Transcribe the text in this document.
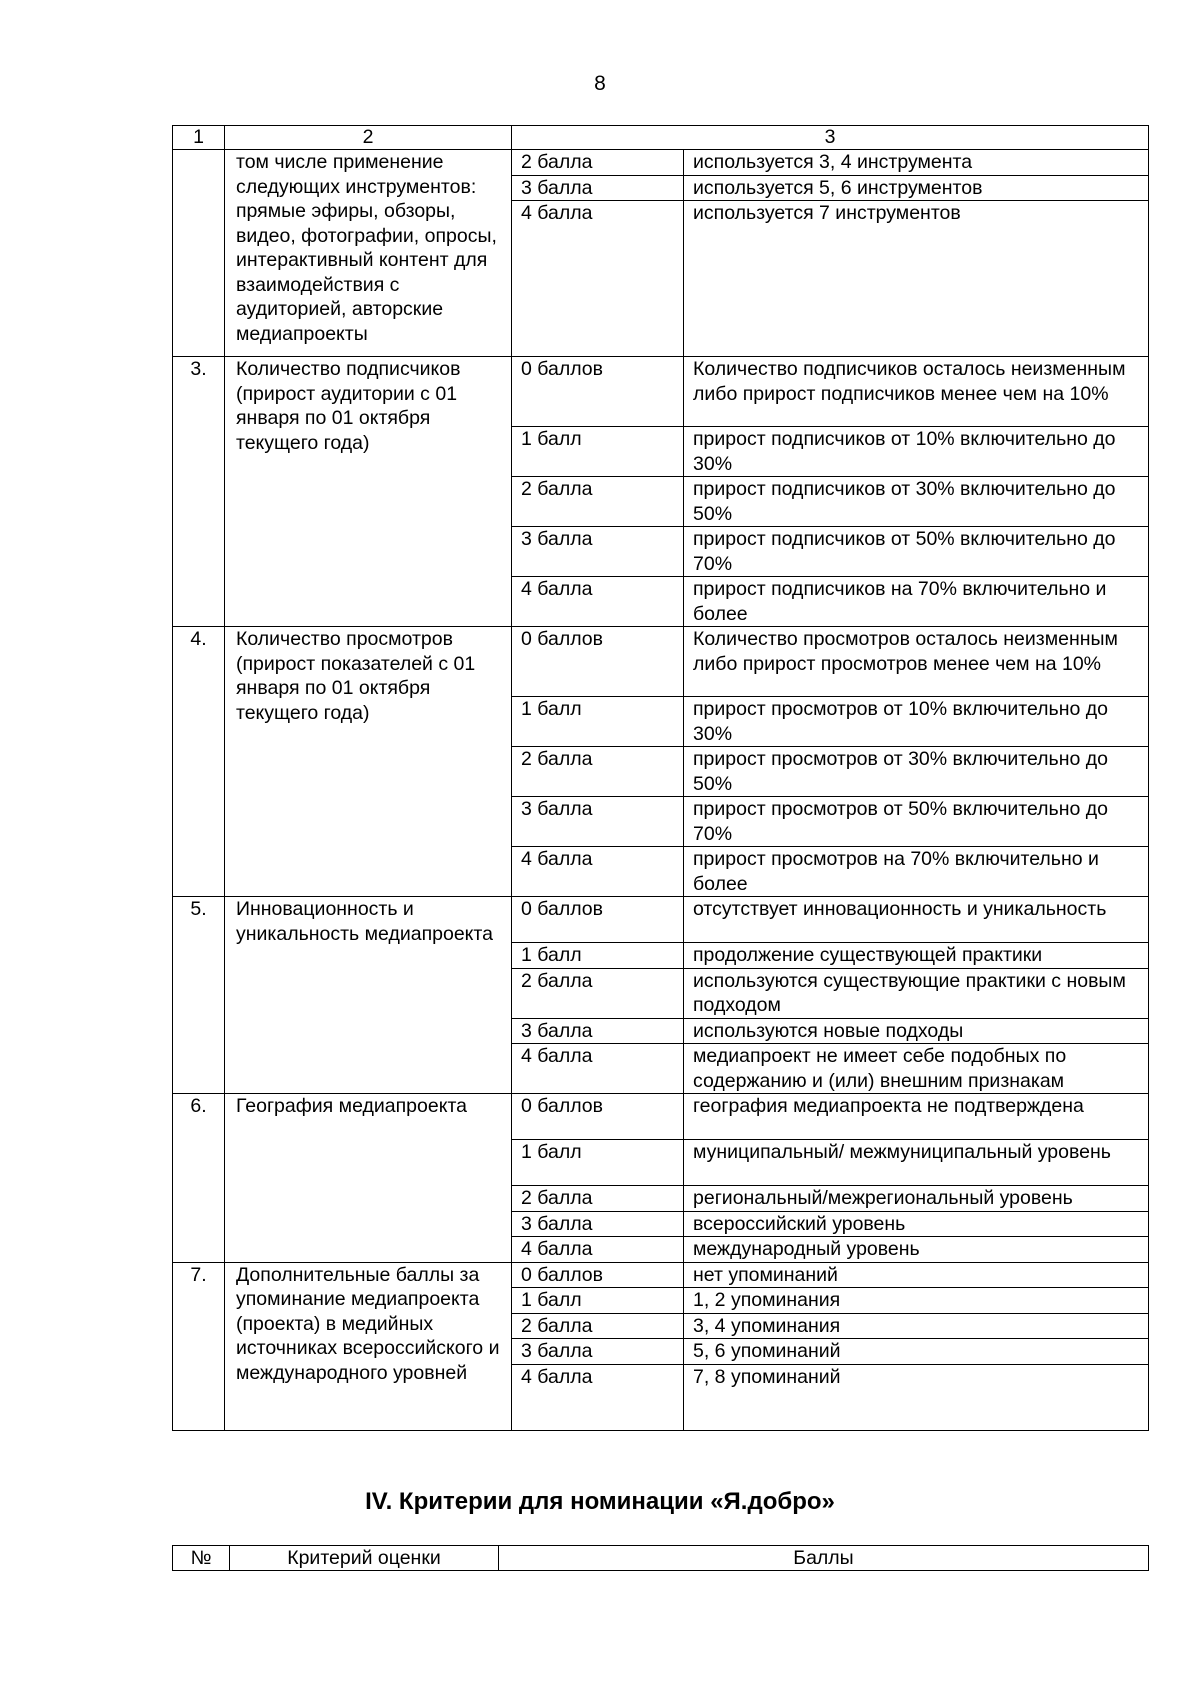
8
1	2	3	
	том числе применение следующих инструментов: прямые эфиры, обзоры, видео, фотографии, опросы, интерактивный контент для взаимодействия с аудиторией, авторские медиапроекты	2 балла	используется 3, 4 инструмента
		3 балла	используется 5, 6 инструментов
		4 балла	используется 7 инструментов
3.	Количество подписчиков (прирост аудитории с 01 января по 01 октября текущего года)	0 баллов	Количество подписчиков осталось неизменным либо прирост подписчиков менее чем на 10%
		1 балл	прирост подписчиков от 10% включительно до 30%
		2 балла	прирост подписчиков от 30% включительно до 50%
		3 балла	прирост подписчиков от 50% включительно до 70%
		4 балла	прирост подписчиков на 70% включительно и более
4.	Количество просмотров (прирост показателей с 01 января по 01 октября текущего года)	0 баллов	Количество просмотров осталось неизменным либо прирост просмотров менее чем на 10%
		1 балл	прирост просмотров от 10% включительно до 30%
		2 балла	прирост просмотров от 30% включительно до 50%
		3 балла	прирост просмотров от 50% включительно до 70%
		4 балла	прирост просмотров на 70% включительно и более
5.	Инновационность и уникальность медиапроекта	0 баллов	отсутствует инновационность и уникальность
		1 балл	продолжение существующей практики
		2 балла	используются существующие практики с новым подходом
		3 балла	используются новые подходы
		4 балла	медиапроект не имеет себе подобных по содержанию и (или) внешним признакам
6.	География медиапроекта	0 баллов	география медиапроекта не подтверждена
		1 балл	муниципальный/ межмуниципальный уровень
		2 балла	региональный/межрегиональный уровень
		3 балла	всероссийский уровень
		4 балла	международный уровень
7.	Дополнительные баллы за упоминание медиапроекта (проекта) в медийных источниках всероссийского и международного уровней	0 баллов	нет упоминаний
		1 балл	1, 2 упоминания
		2 балла	3, 4 упоминания
		3 балла	5, 6 упоминаний
		4 балла	7, 8 упоминаний
IV. Критерии для номинации «Я.добро»
№	Критерий оценки	Баллы
